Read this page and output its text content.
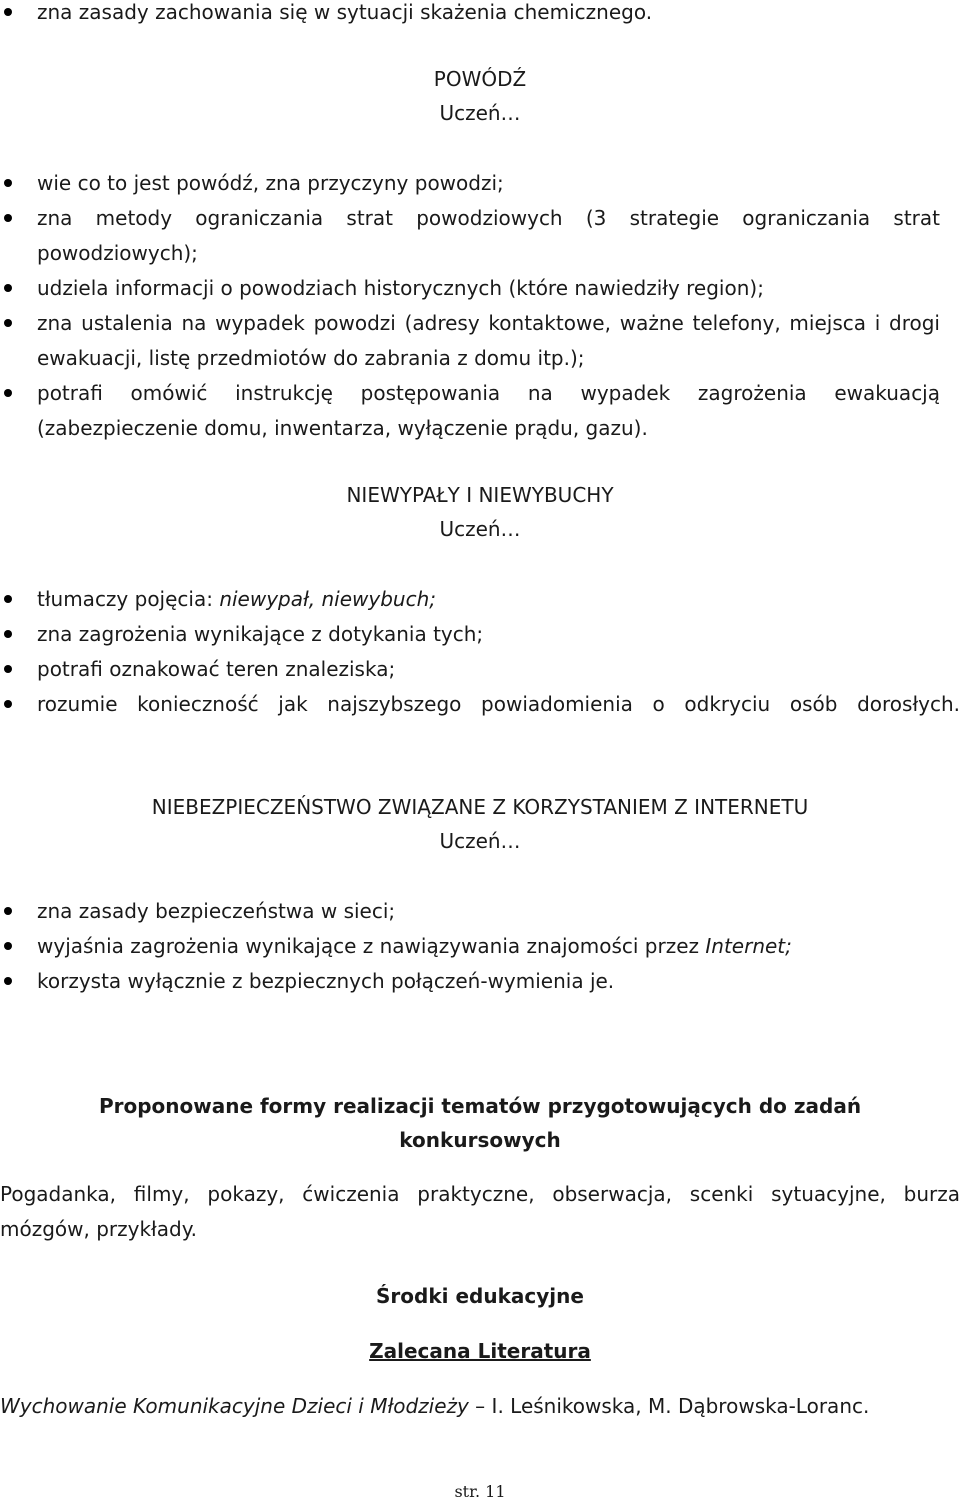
zna zasady zachowania się w sytuacji skażenia chemicznego.
POWÓDŹ
Uczeń…
wie co to jest powódź, zna przyczyny powodzi;
zna metody ograniczania strat powodziowych (3 strategie ograniczania strat powodziowych);
udziela informacji o powodziach historycznych (które nawiedziły region);
zna ustalenia na wypadek powodzi (adresy kontaktowe, ważne telefony, miejsca i drogi ewakuacji, listę przedmiotów do zabrania z domu itp.);
potrafi omówić instrukcję postępowania na wypadek zagrożenia ewakuacją (zabezpieczenie domu, inwentarza, wyłączenie prądu, gazu).
NIEWYPAŁY I NIEWYBUCHY
Uczeń…
tłumaczy pojęcia: niewypał, niewybuch;
zna zagrożenia wynikające z dotykania tych;
potrafi oznakować teren znaleziska;
rozumie konieczność jak najszybszego powiadomienia o odkryciu osób dorosłych.
NIEBEZPIECZEŃSTWO ZWIĄZANE Z KORZYSTANIEM Z INTERNETU
Uczeń…
zna zasady bezpieczeństwa w sieci;
wyjaśnia zagrożenia wynikające z nawiązywania znajomości przez Internet;
korzysta wyłącznie z bezpiecznych połączeń-wymienia je.
Proponowane formy realizacji tematów przygotowujących do zadań konkursowych
Pogadanka, filmy, pokazy, ćwiczenia praktyczne, obserwacja, scenki sytuacyjne, burza mózgów, przykłady.
Środki edukacyjne
Zalecana Literatura
Wychowanie Komunikacyjne Dzieci i Młodzieży – I. Leśnikowska, M. Dąbrowska-Loranc.
str. 11
